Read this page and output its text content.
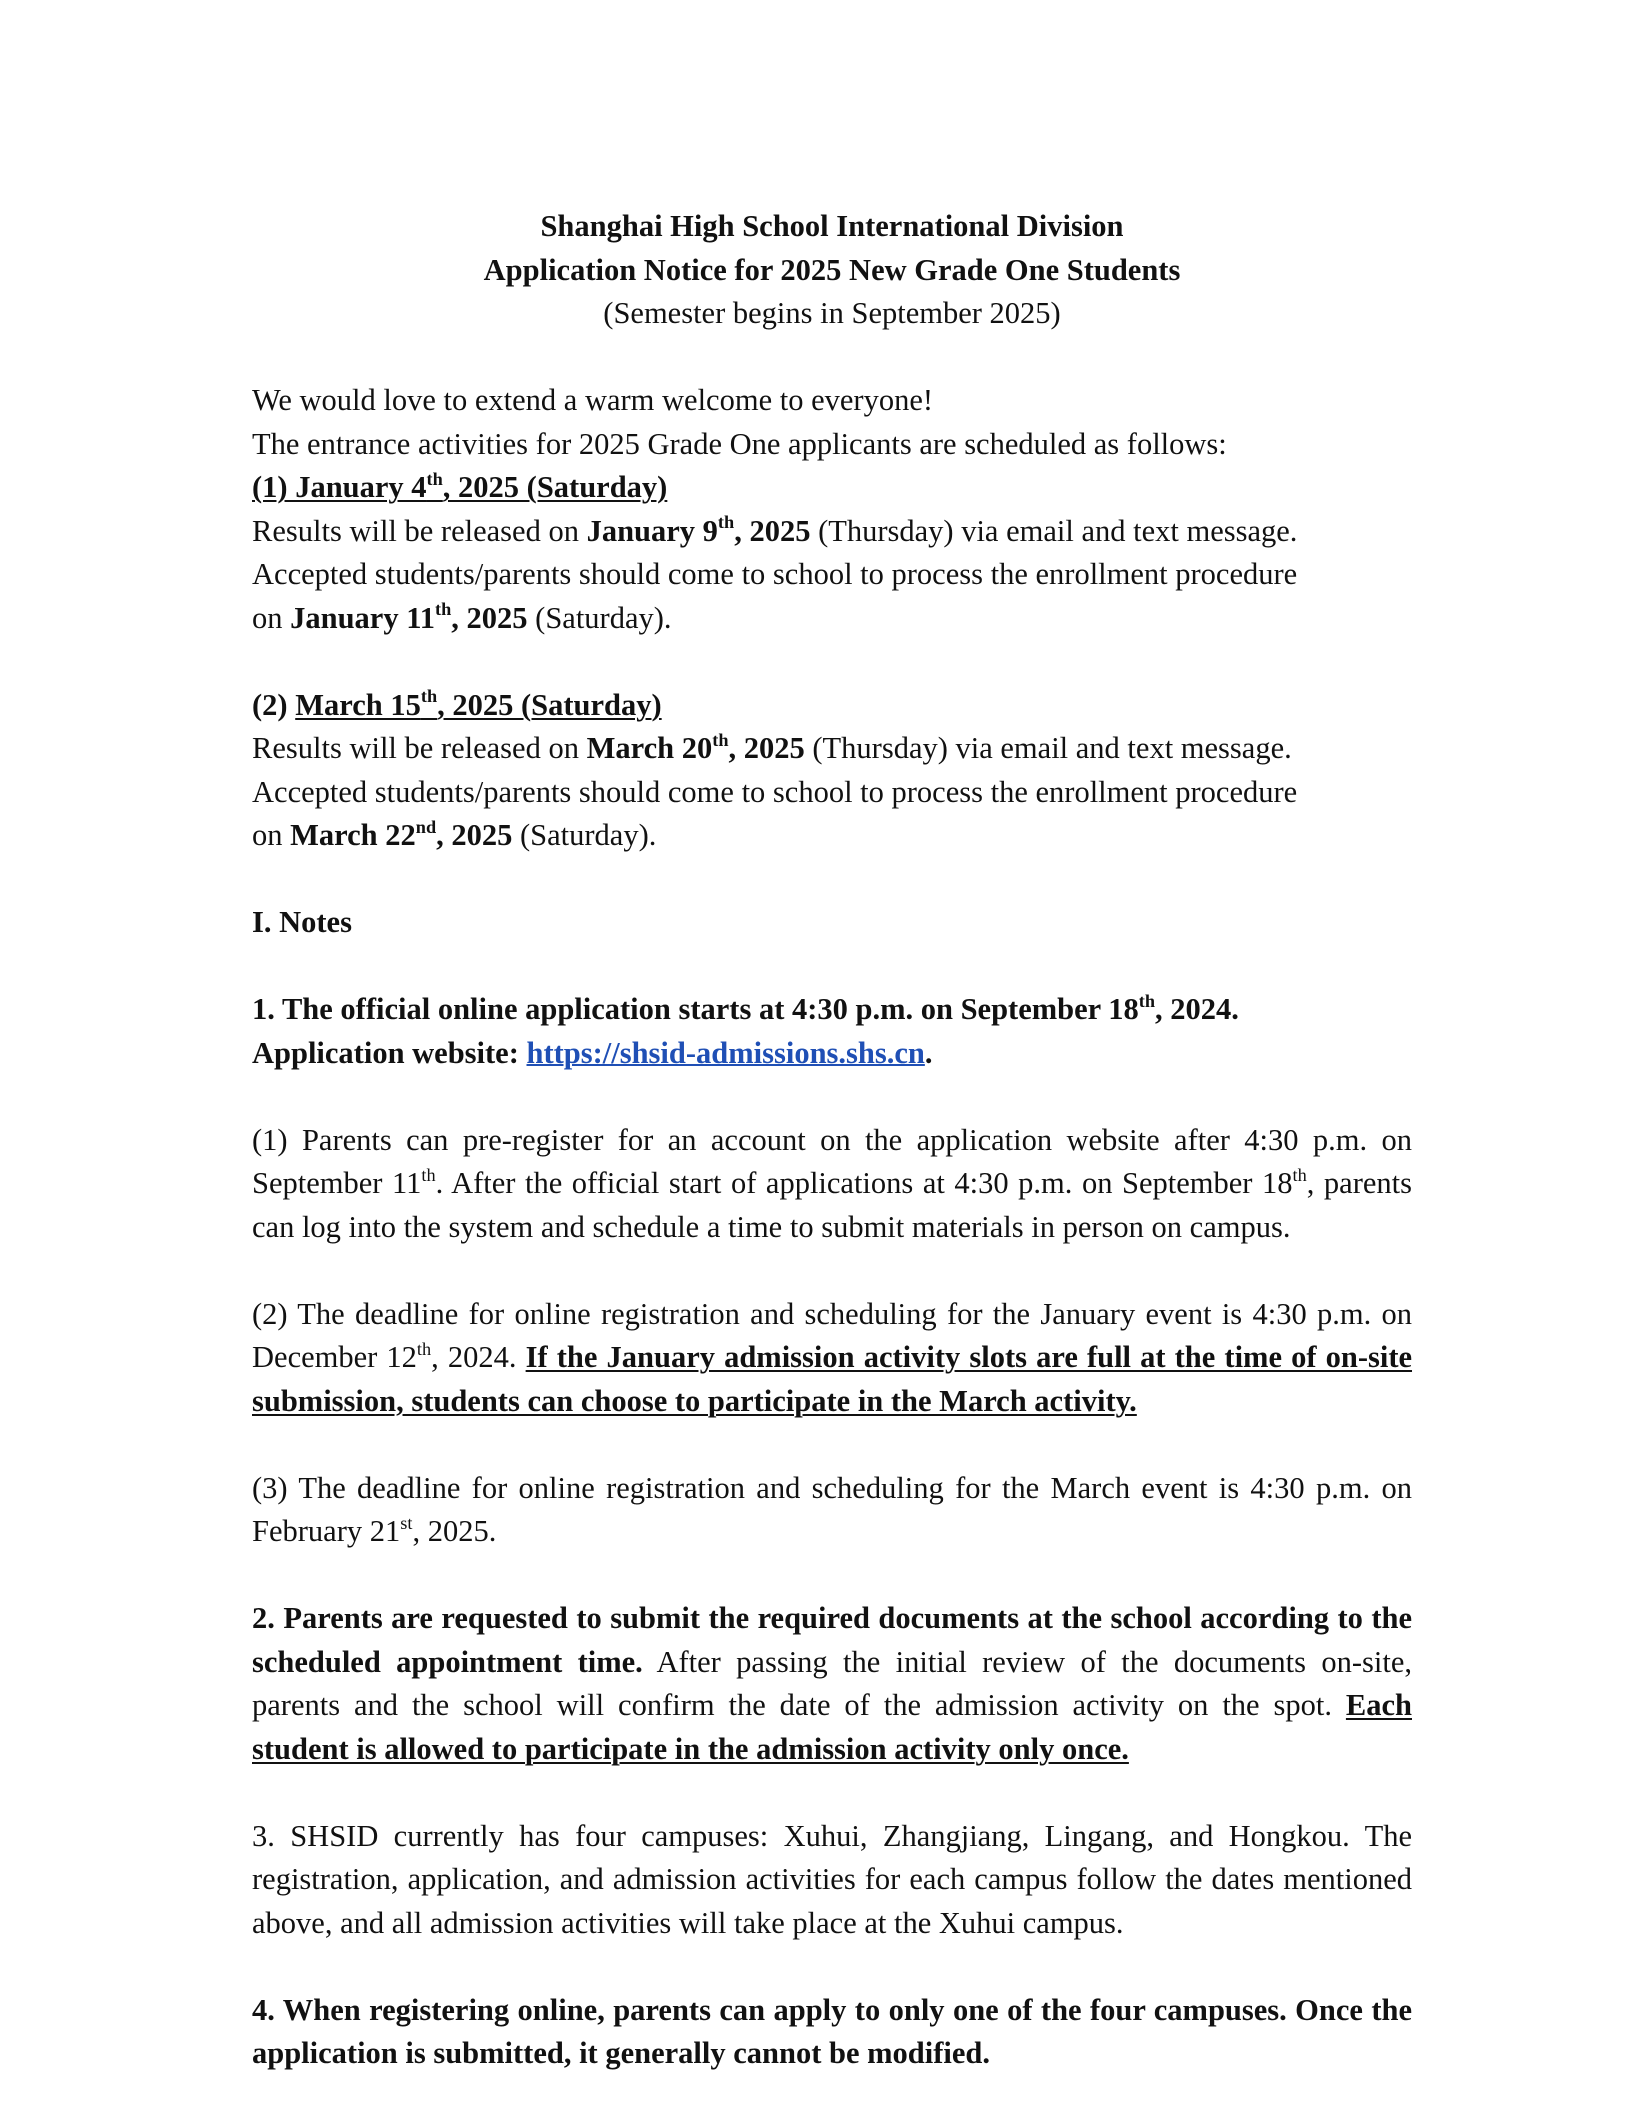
Shanghai High School International Division

Application Notice for 2025 New Grade One Students

(Semester begins in September 2025)

We would love to extend a warm welcome to everyone!

The entrance activities for 2025 Grade One applicants are scheduled as follows:

(1) January 4th, 2025 (Saturday)

Results will be released on January 9th, 2025 (Thursday) via email and text message.

Accepted students/parents should come to school to process the enrollment procedure

on January 11th, 2025 (Saturday).

(2) March 15th, 2025 (Saturday)

Results will be released on March 20th, 2025 (Thursday) via email and text message.

Accepted students/parents should come to school to process the enrollment procedure

on March 22nd, 2025 (Saturday).

I. Notes

1. The official online application starts at 4:30 p.m. on September 18th, 2024.

Application website: https://shsid-admissions.shs.cn.

(1) Parents can pre-register for an account on the application website after 4:30 p.m. on September 11th. After the official start of applications at 4:30 p.m. on September 18th, parents can log into the system and schedule a time to submit materials in person on campus.

(2) The deadline for online registration and scheduling for the January event is 4:30 p.m. on December 12th, 2024. If the January admission activity slots are full at the time of on-site submission, students can choose to participate in the March activity.

(3) The deadline for online registration and scheduling for the March event is 4:30 p.m. on February 21st, 2025.

2. Parents are requested to submit the required documents at the school according to the scheduled appointment time. After passing the initial review of the documents on-site, parents and the school will confirm the date of the admission activity on the spot. Each student is allowed to participate in the admission activity only once.

3. SHSID currently has four campuses: Xuhui, Zhangjiang, Lingang, and Hongkou. The registration, application, and admission activities for each campus follow the dates mentioned above, and all admission activities will take place at the Xuhui campus.

4. When registering online, parents can apply to only one of the four campuses. Once the application is submitted, it generally cannot be modified.
